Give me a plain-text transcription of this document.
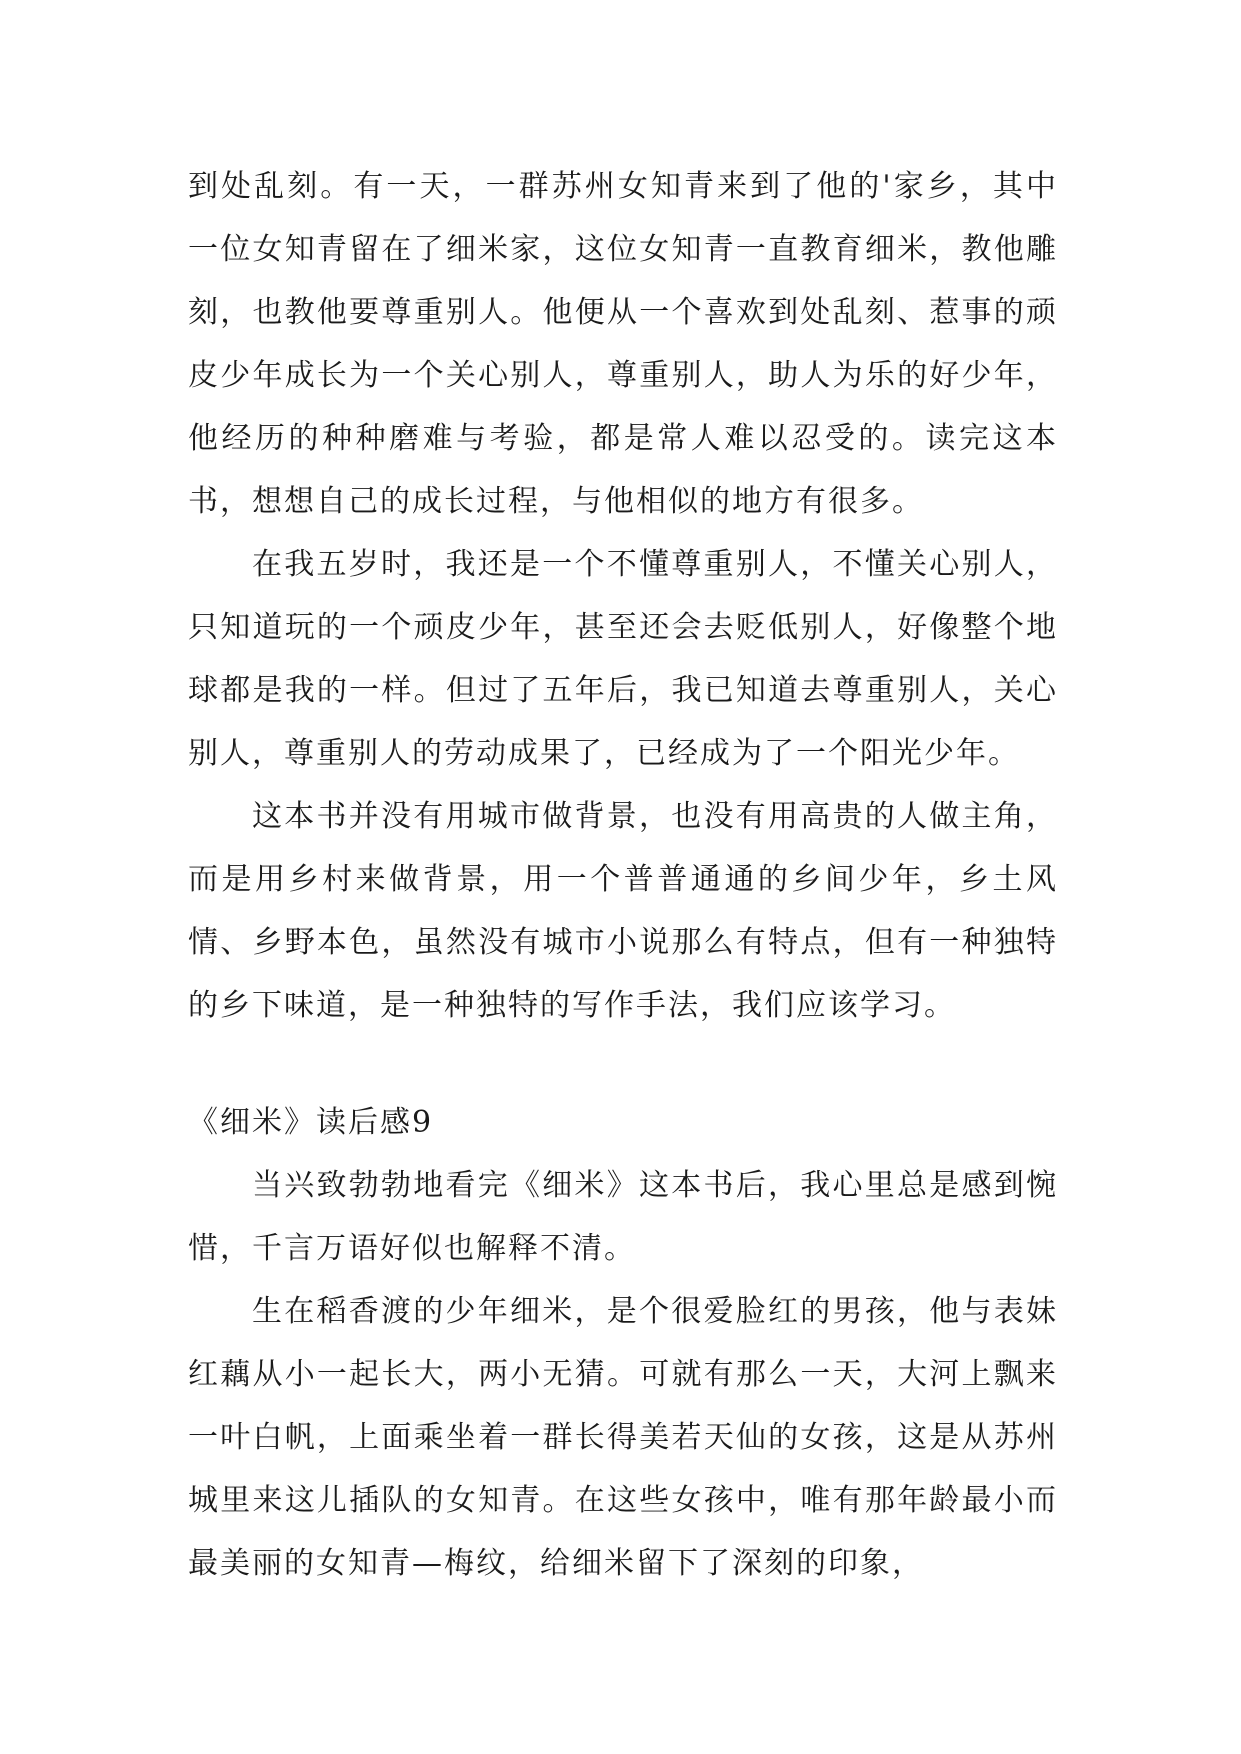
到处乱刻。有一天，一群苏州女知青来到了他的'家乡，其中一位女知青留在了细米家，这位女知青一直教育细米，教他雕刻，也教他要尊重别人。他便从一个喜欢到处乱刻、惹事的顽皮少年成长为一个关心别人，尊重别人，助人为乐的好少年，他经历的种种磨难与考验，都是常人难以忍受的。读完这本书，想想自己的成长过程，与他相似的地方有很多。

在我五岁时，我还是一个不懂尊重别人，不懂关心别人，只知道玩的一个顽皮少年，甚至还会去贬低别人，好像整个地球都是我的一样。但过了五年后，我已知道去尊重别人，关心别人，尊重别人的劳动成果了，已经成为了一个阳光少年。

这本书并没有用城市做背景，也没有用高贵的人做主角，而是用乡村来做背景，用一个普普通通的乡间少年，乡土风情、乡野本色，虽然没有城市小说那么有特点，但有一种独特的乡下味道，是一种独特的写作手法，我们应该学习。

《细米》读后感9

当兴致勃勃地看完《细米》这本书后，我心里总是感到惋惜，千言万语好似也解释不清。

生在稻香渡的少年细米，是个很爱脸红的男孩，他与表妹红藕从小一起长大，两小无猜。可就有那么一天，大河上飘来一叶白帆，上面乘坐着一群长得美若天仙的女孩，这是从苏州城里来这儿插队的女知青。在这些女孩中，唯有那年龄最小而最美丽的女知青—梅纹，给细米留下了深刻的印象，
